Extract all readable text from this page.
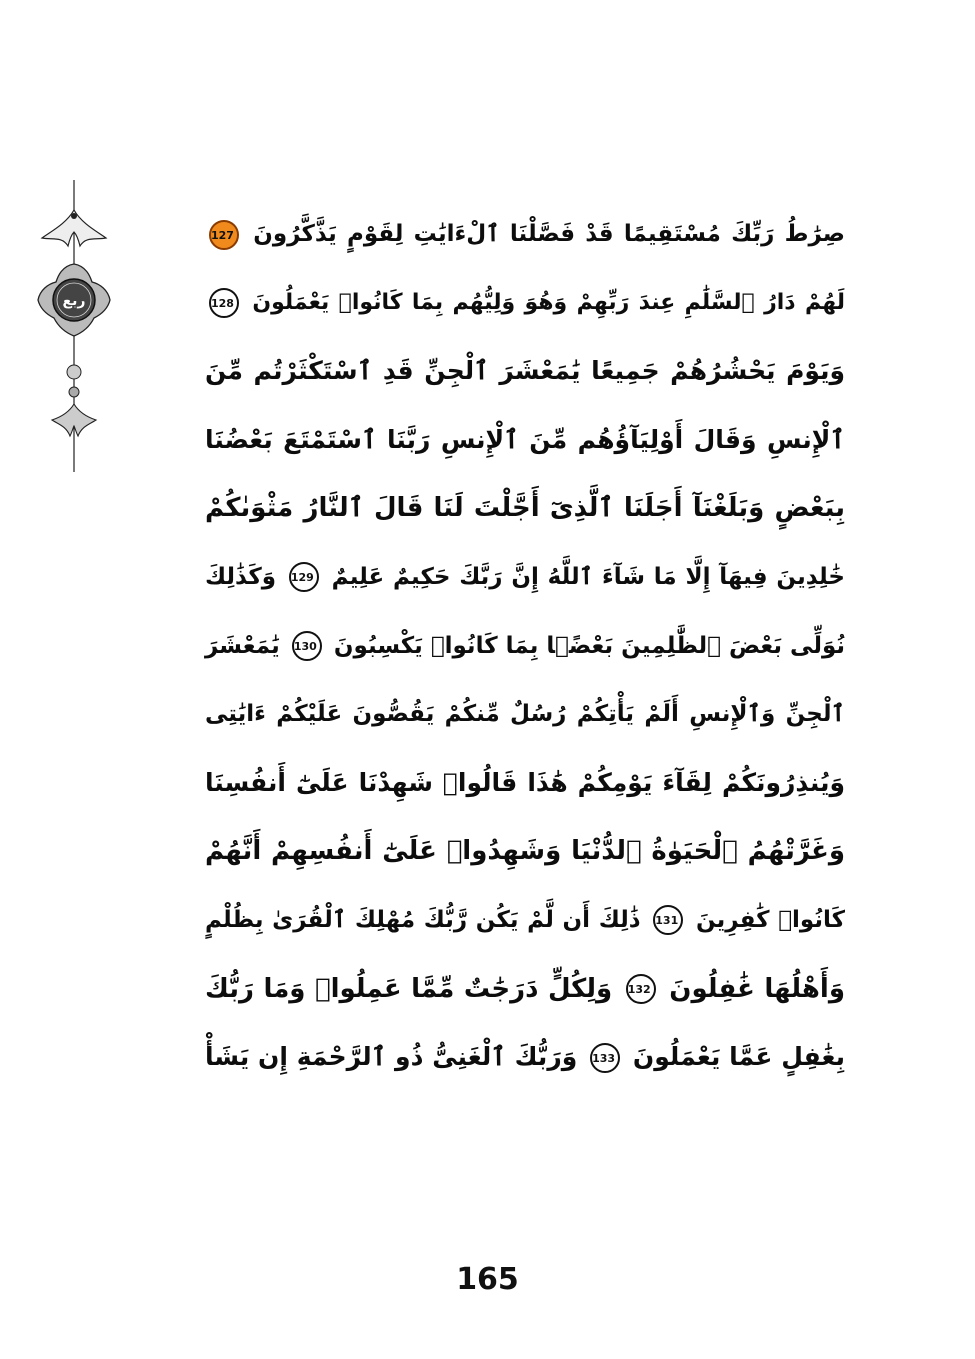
ربع
صِرَٰطُ رَبِّكَ مُسْتَقِيمًا قَدْ فَصَّلْنَا ٱلْءَايَٰتِ لِقَوْمٍ يَذَّكَّرُونَ 127
لَهُمْ دَارُ ٱلسَّلَٰمِ عِندَ رَبِّهِمْ وَهُوَ وَلِيُّهُم بِمَا كَانُوا۟ يَعْمَلُونَ 128
وَيَوْمَ يَحْشُرُهُمْ جَمِيعًا يَٰمَعْشَرَ ٱلْجِنِّ قَدِ ٱسْتَكْثَرْتُم مِّنَ
ٱلْإِنسِ وَقَالَ أَوْلِيَآؤُهُم مِّنَ ٱلْإِنسِ رَبَّنَا ٱسْتَمْتَعَ بَعْضُنَا
بِبَعْضٍ وَبَلَغْنَآ أَجَلَنَا ٱلَّذِىٓ أَجَّلْتَ لَنَا قَالَ ٱلنَّارُ مَثْوَىٰكُمْ
خَٰلِدِينَ فِيهَآ إِلَّا مَا شَآءَ ٱللَّهُ إِنَّ رَبَّكَ حَكِيمٌ عَلِيمٌ 129 وَكَذَٰلِكَ
نُوَلِّى بَعْضَ ٱلظَّٰلِمِينَ بَعْضًۢا بِمَا كَانُوا۟ يَكْسِبُونَ 130 يَٰمَعْشَرَ
ٱلْجِنِّ وَٱلْإِنسِ أَلَمْ يَأْتِكُمْ رُسُلٌ مِّنكُمْ يَقُصُّونَ عَلَيْكُمْ ءَايَٰتِى
وَيُنذِرُونَكُمْ لِقَآءَ يَوْمِكُمْ هَٰذَا قَالُوا۟ شَهِدْنَا عَلَىٰٓ أَنفُسِنَا
وَغَرَّتْهُمُ ٱلْحَيَوٰةُ ٱلدُّنْيَا وَشَهِدُوا۟ عَلَىٰٓ أَنفُسِهِمْ أَنَّهُمْ
كَانُوا۟ كَٰفِرِينَ 131 ذَٰلِكَ أَن لَّمْ يَكُن رَّبُّكَ مُهْلِكَ ٱلْقُرَىٰ بِظُلْمٍ
وَأَهْلُهَا غَٰفِلُونَ 132 وَلِكُلٍّ دَرَجَٰتٌ مِّمَّا عَمِلُوا۟ وَمَا رَبُّكَ
بِغَٰفِلٍ عَمَّا يَعْمَلُونَ 133 وَرَبُّكَ ٱلْغَنِىُّ ذُو ٱلرَّحْمَةِ إِن يَشَأْ
165
